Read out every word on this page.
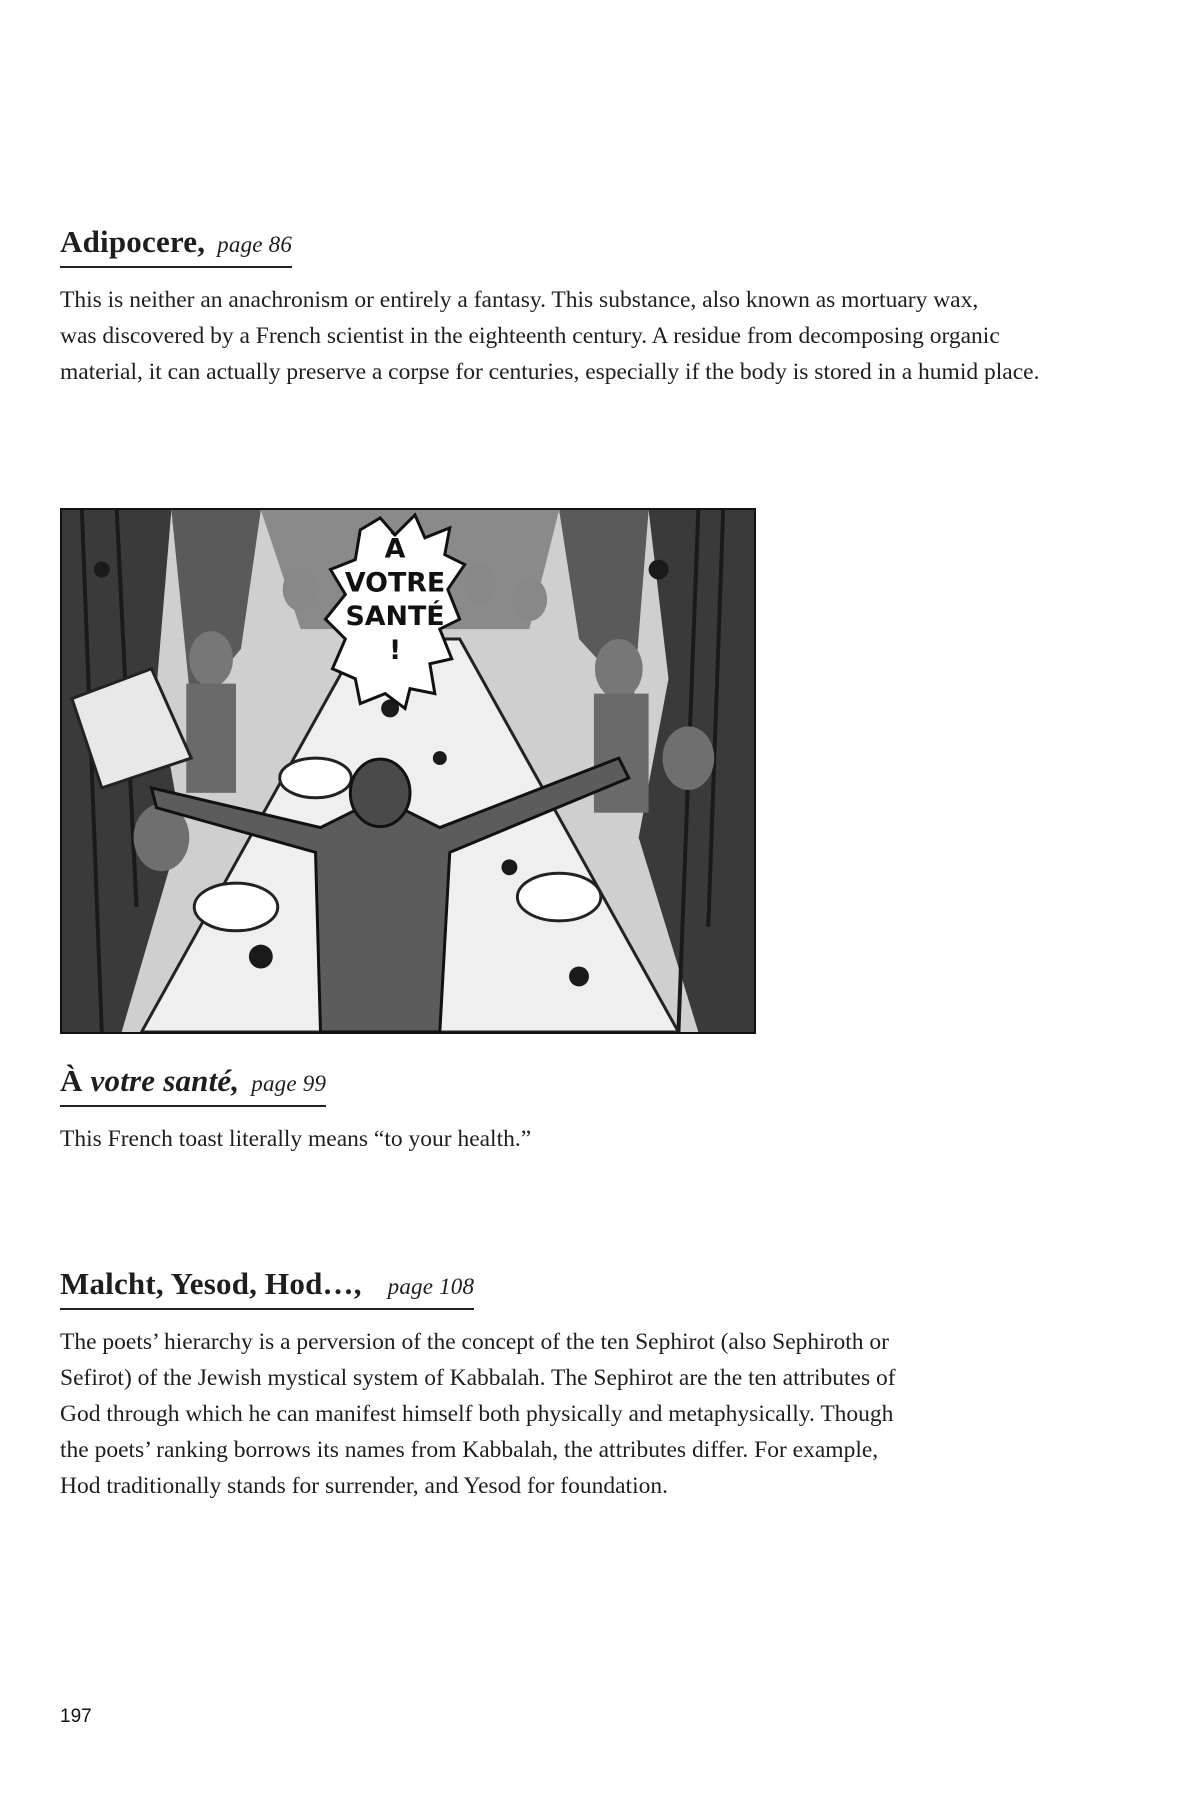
Adipocere, page 86

This is neither an anachronism or entirely a fantasy. This substance, also known as mortuary wax,
was discovered by a French scientist in the eighteenth century. A residue from decomposing organic
material, it can actually preserve a corpse for centuries, especially if the body is stored in a humid place.

À
VOTRE
SANTÉ
!
À votre santé, page 99

This French toast literally means “to your health.”

Malcht, Yesod, Hod…, page 108

The poets’ hierarchy is a perversion of the concept of the ten Sephirot (also Sephiroth or
Sefirot) of the Jewish mystical system of Kabbalah. The Sephirot are the ten attributes of
God through which he can manifest himself both physically and metaphysically. Though
the poets’ ranking borrows its names from Kabbalah, the attributes differ. For example,
Hod traditionally stands for surrender, and Yesod for foundation.

197
